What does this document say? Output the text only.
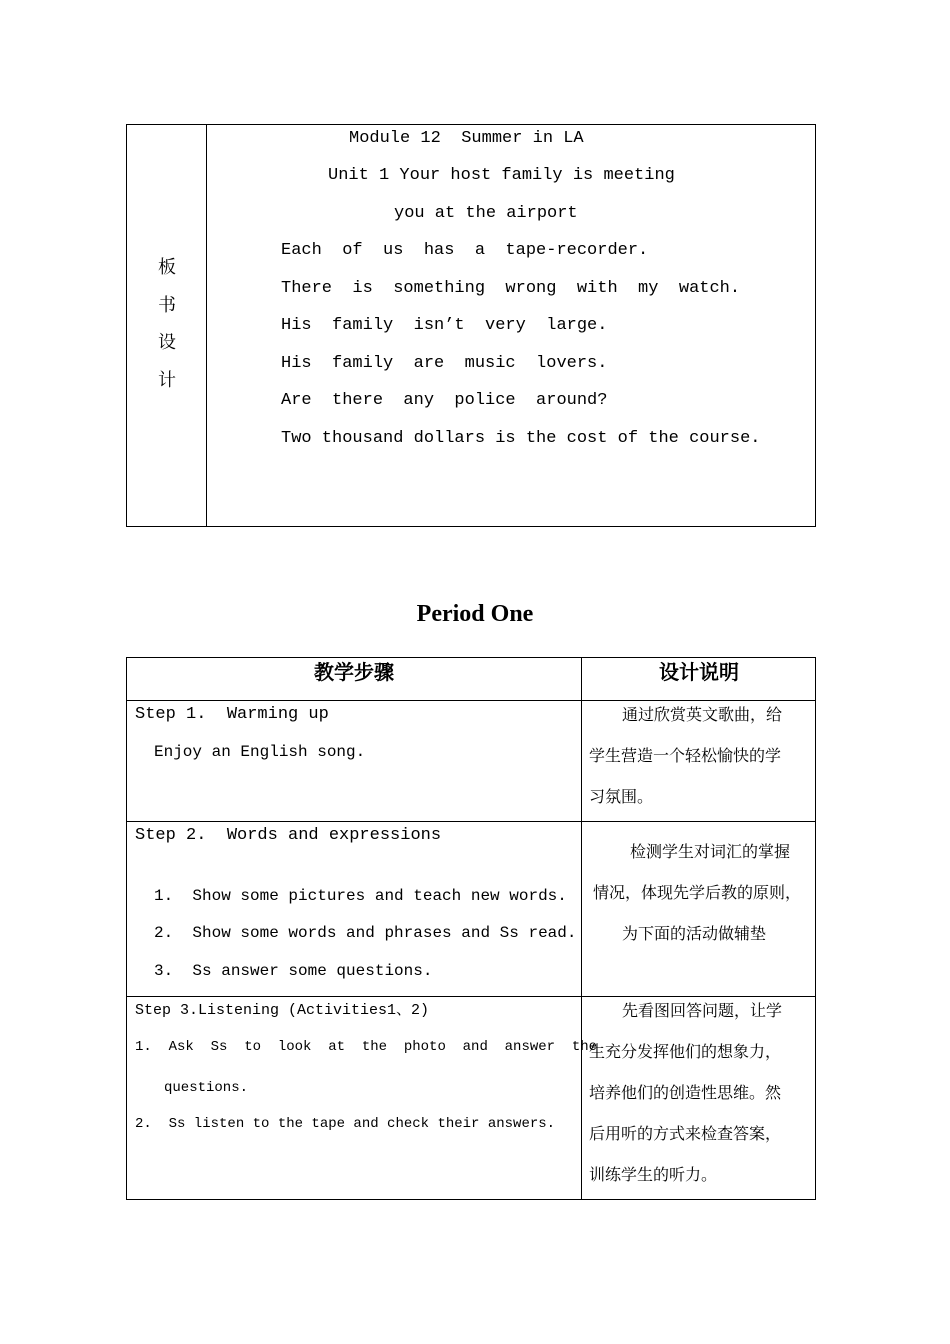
板
书
设
计
Module 12  Summer in LA
Unit 1 Your host family is meeting
you at the airport
Each  of  us  has  a  tape-recorder.
There  is  something  wrong  with  my  watch.
His  family  isn’t  very  large.
His  family  are  music  lovers.
Are  there  any  police  around?
Two thousand dollars is the cost of the course.
Period One
教学步骤	设计说明
Step 1.  Warming up
Enjoy an English song.
通过欣赏英文歌曲，给
学生营造一个轻松愉快的学
习氛围。
Step 2.  Words and expressions
1.  Show some pictures and teach new words.
2.  Show some words and phrases and Ss read.
3.  Ss answer some questions.
检测学生对词汇的掌握
情况，体现先学后教的原则，
为下面的活动做辅垫
Step 3.Listening (Activities1、2)
1.  Ask  Ss  to  look  at  the  photo  and  answer  the
questions.
2.  Ss listen to the tape and check their answers.
先看图回答问题，让学
生充分发挥他们的想象力，
培养他们的创造性思维。然
后用听的方式来检查答案，
训练学生的听力。
